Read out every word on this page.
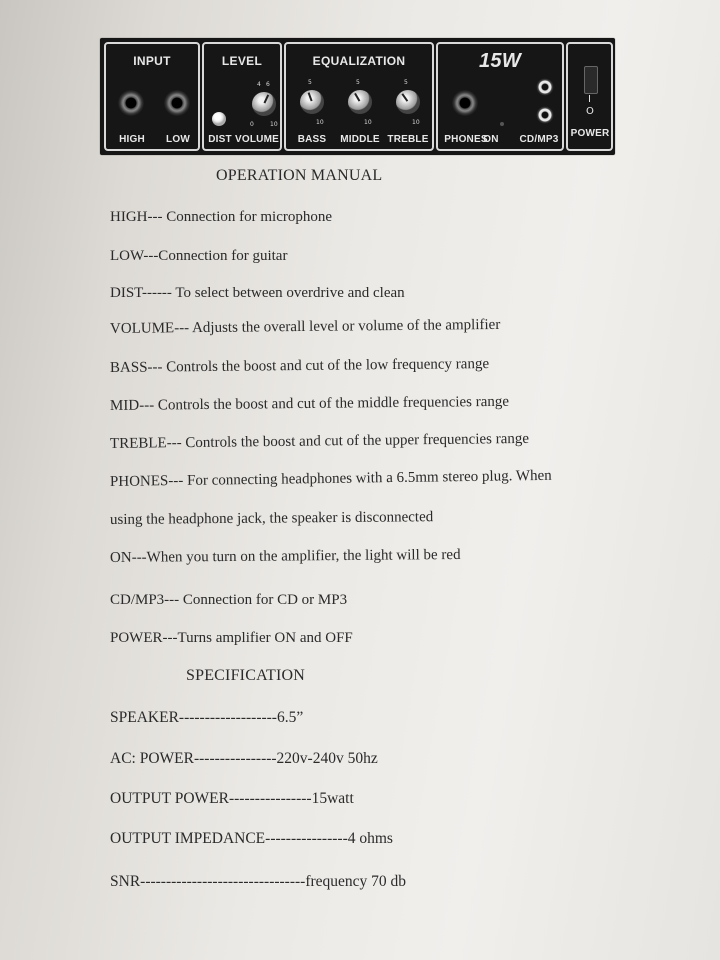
INPUT
HIGH	LOW
LEVEL
4 6
0	10
DIST VOLUME
EQUALIZATION
5	5	5
10	10	10
BASS	MIDDLE TREBLE
15W
PHONES
ON	CD/MP3
I
O
POWER
OPERATION MANUAL
HIGH--- Connection for microphone
LOW---Connection for guitar
DIST------ To select between overdrive and clean
VOLUME--- Adjusts the overall level or volume of the amplifier
BASS--- Controls the boost and cut of the low frequency range
MID--- Controls the boost and cut of the middle frequencies range
TREBLE--- Controls the boost and cut of the upper frequencies range
PHONES--- For connecting headphones with a 6.5mm stereo plug. When
using the headphone jack, the speaker is disconnected
ON---When you turn on the amplifier, the light will be red
CD/MP3--- Connection for CD or MP3
POWER---Turns amplifier ON and OFF
SPECIFICATION
SPEAKER-------------------6.5”
AC: POWER----------------220v-240v 50hz
OUTPUT POWER----------------15watt
OUTPUT IMPEDANCE----------------4 ohms
SNR--------------------------------frequency 70 db
